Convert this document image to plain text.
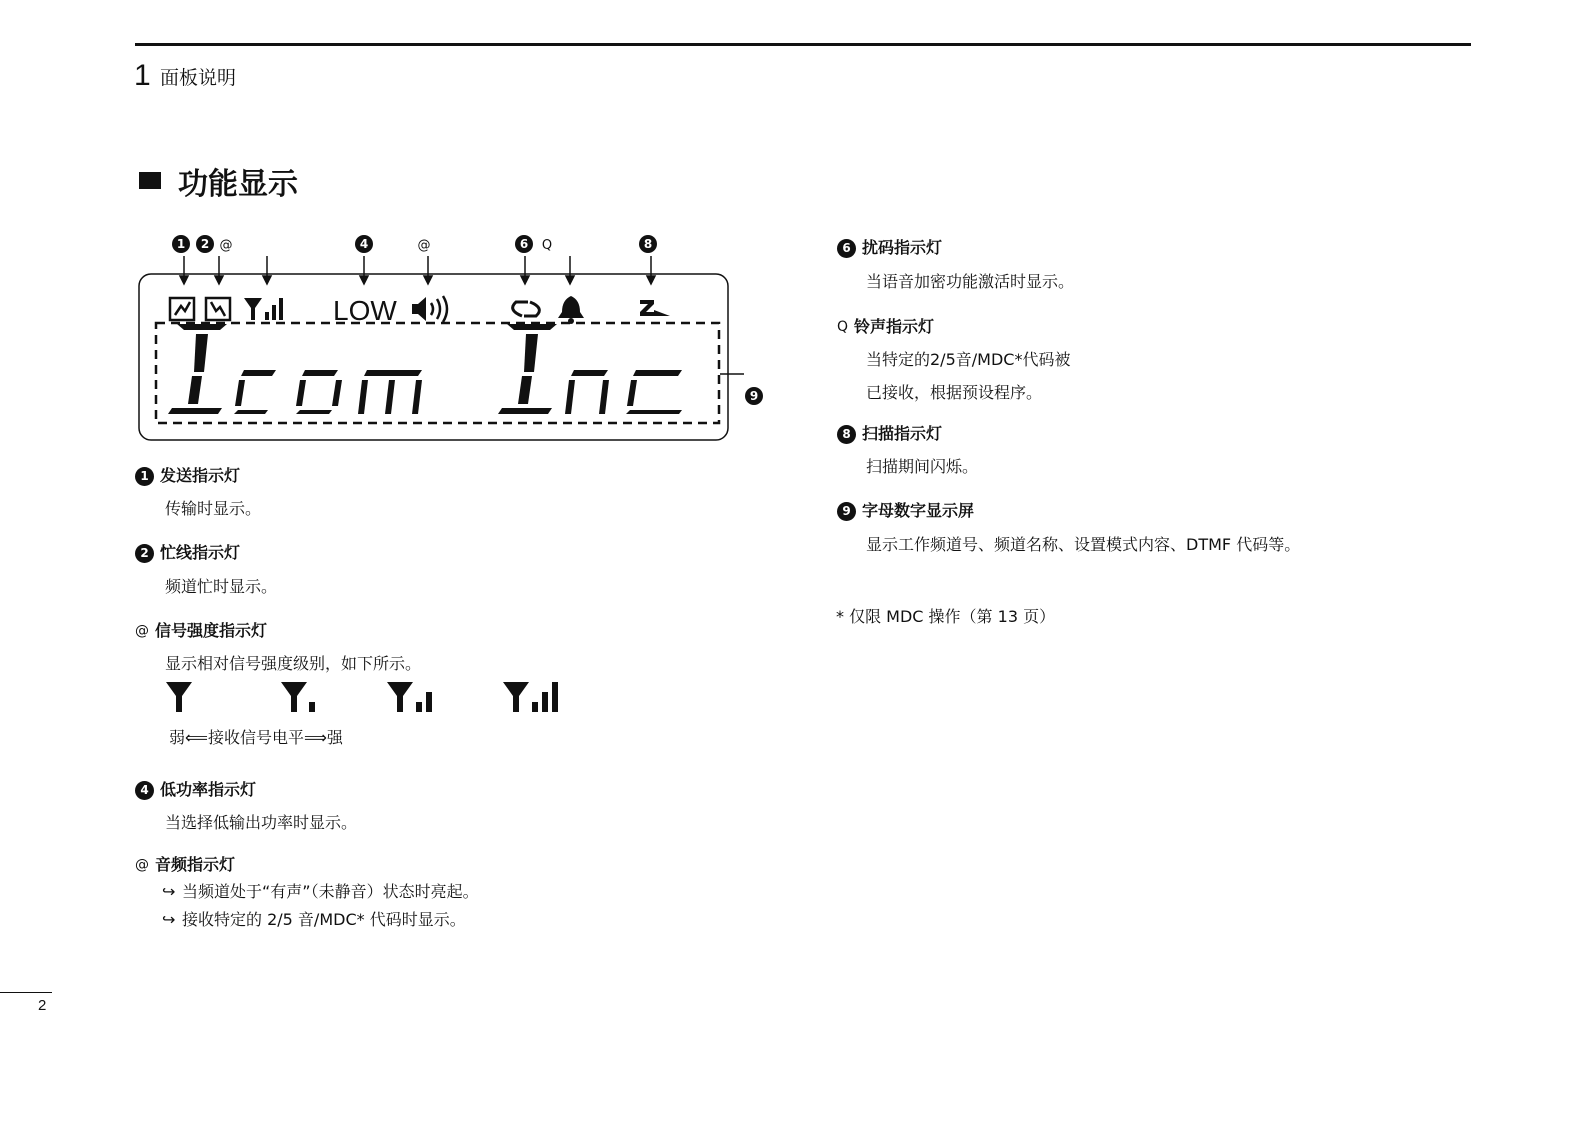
1 面板说明
功能显示
1 2 @	4	@	6 Q	8
9
LOW
Icom Inc
1 发送指示灯
传输时显示。
2 忙线指示灯
频道忙时显示。
@ 信号强度指示灯
显示相对信号强度级别，如下所示。
弱⟸接收信号电平⟹强
4 低功率指示灯
当选择低输出功率时显示。
@ 音频指示灯
↪ 当频道处于“有声”（未静音）状态时亮起。
↪ 接收特定的 2/5 音/MDC* 代码时显示。
6 扰码指示灯
当语音加密功能激活时显示。
Q 铃声指示灯
当特定的2/5音/MDC*代码被
已接收，根据预设程序。
8 扫描指示灯
扫描期间闪烁。
9 字母数字显示屏
显示工作频道号、频道名称、设置模式内容、DTMF 代码等。
* 仅限 MDC 操作（第 13 页）
2
